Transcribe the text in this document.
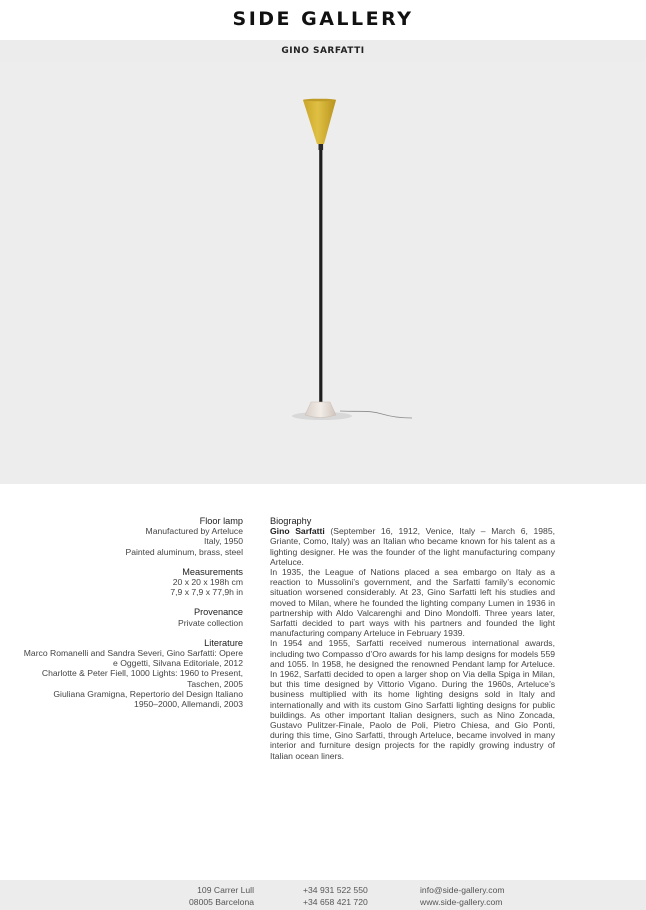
SIDE GALLERY
GINO SARFATTI
Floor lamp
Manufactured by Arteluce
Italy, 1950
Painted aluminum, brass, steel
Measurements
20 x 20 x 198h cm
7,9 x 7,9 x 77,9h in
Provenance
Private collection
Literature
Marco Romanelli and Sandra Severi, Gino Sarfatti: Opere
e Oggetti, Silvana Editoriale, 2012
Charlotte & Peter Fiell, 1000 Lights: 1960 to Present,
Taschen, 2005
Giuliana Gramigna, Repertorio del Design Italiano
1950–2000, Allemandi, 2003
Biography

Gino Sarfatti (September 16, 1912, Venice, Italy – March 6, 1985, Griante, Como, Italy) was an Italian who became known for his talent as a lighting designer. He was the founder of the light manufacturing company Arteluce.

In 1935, the League of Nations placed a sea embargo on Italy as a reaction to Mussolini’s government, and the Sarfatti family’s economic situation worsened considerably. At 23, Gino Sarfatti left his studies and moved to Milan, where he founded the lighting company Lumen in 1936 in partnership with Aldo Valcarenghi and Dino Mondolfi. Three years later, Sarfatti decided to part ways with his partners and founded the light manufacturing company Arteluce in February 1939.

In 1954 and 1955, Sarfatti received numerous international awards, including two Compasso d’Oro awards for his lamp designs for models 559 and 1055. In 1958, he designed the renowned Pendant lamp for Arteluce. In 1962, Sarfatti decided to open a larger shop on Via della Spiga in Milan, but this time designed by Vittorio Vigano. During the 1960s, Arteluce’s business multiplied with its home lighting designs sold in Italy and internationally and with its custom Gino Sarfatti lighting designs for public buildings. As other important Italian designers, such as Nino Zoncada, Gustavo Pulitzer-Finale, Paolo de Poli, Pietro Chiesa, and Gio Ponti, during this time, Gino Sarfatti, through Arteluce, became involved in many interior and furniture design projects for the rapidly growing industry of Italian ocean liners.

109 Carrer Lull
08005 Barcelona
+34 931 522 550
+34 658 421 720
info@side-gallery.com
www.side-gallery.com
